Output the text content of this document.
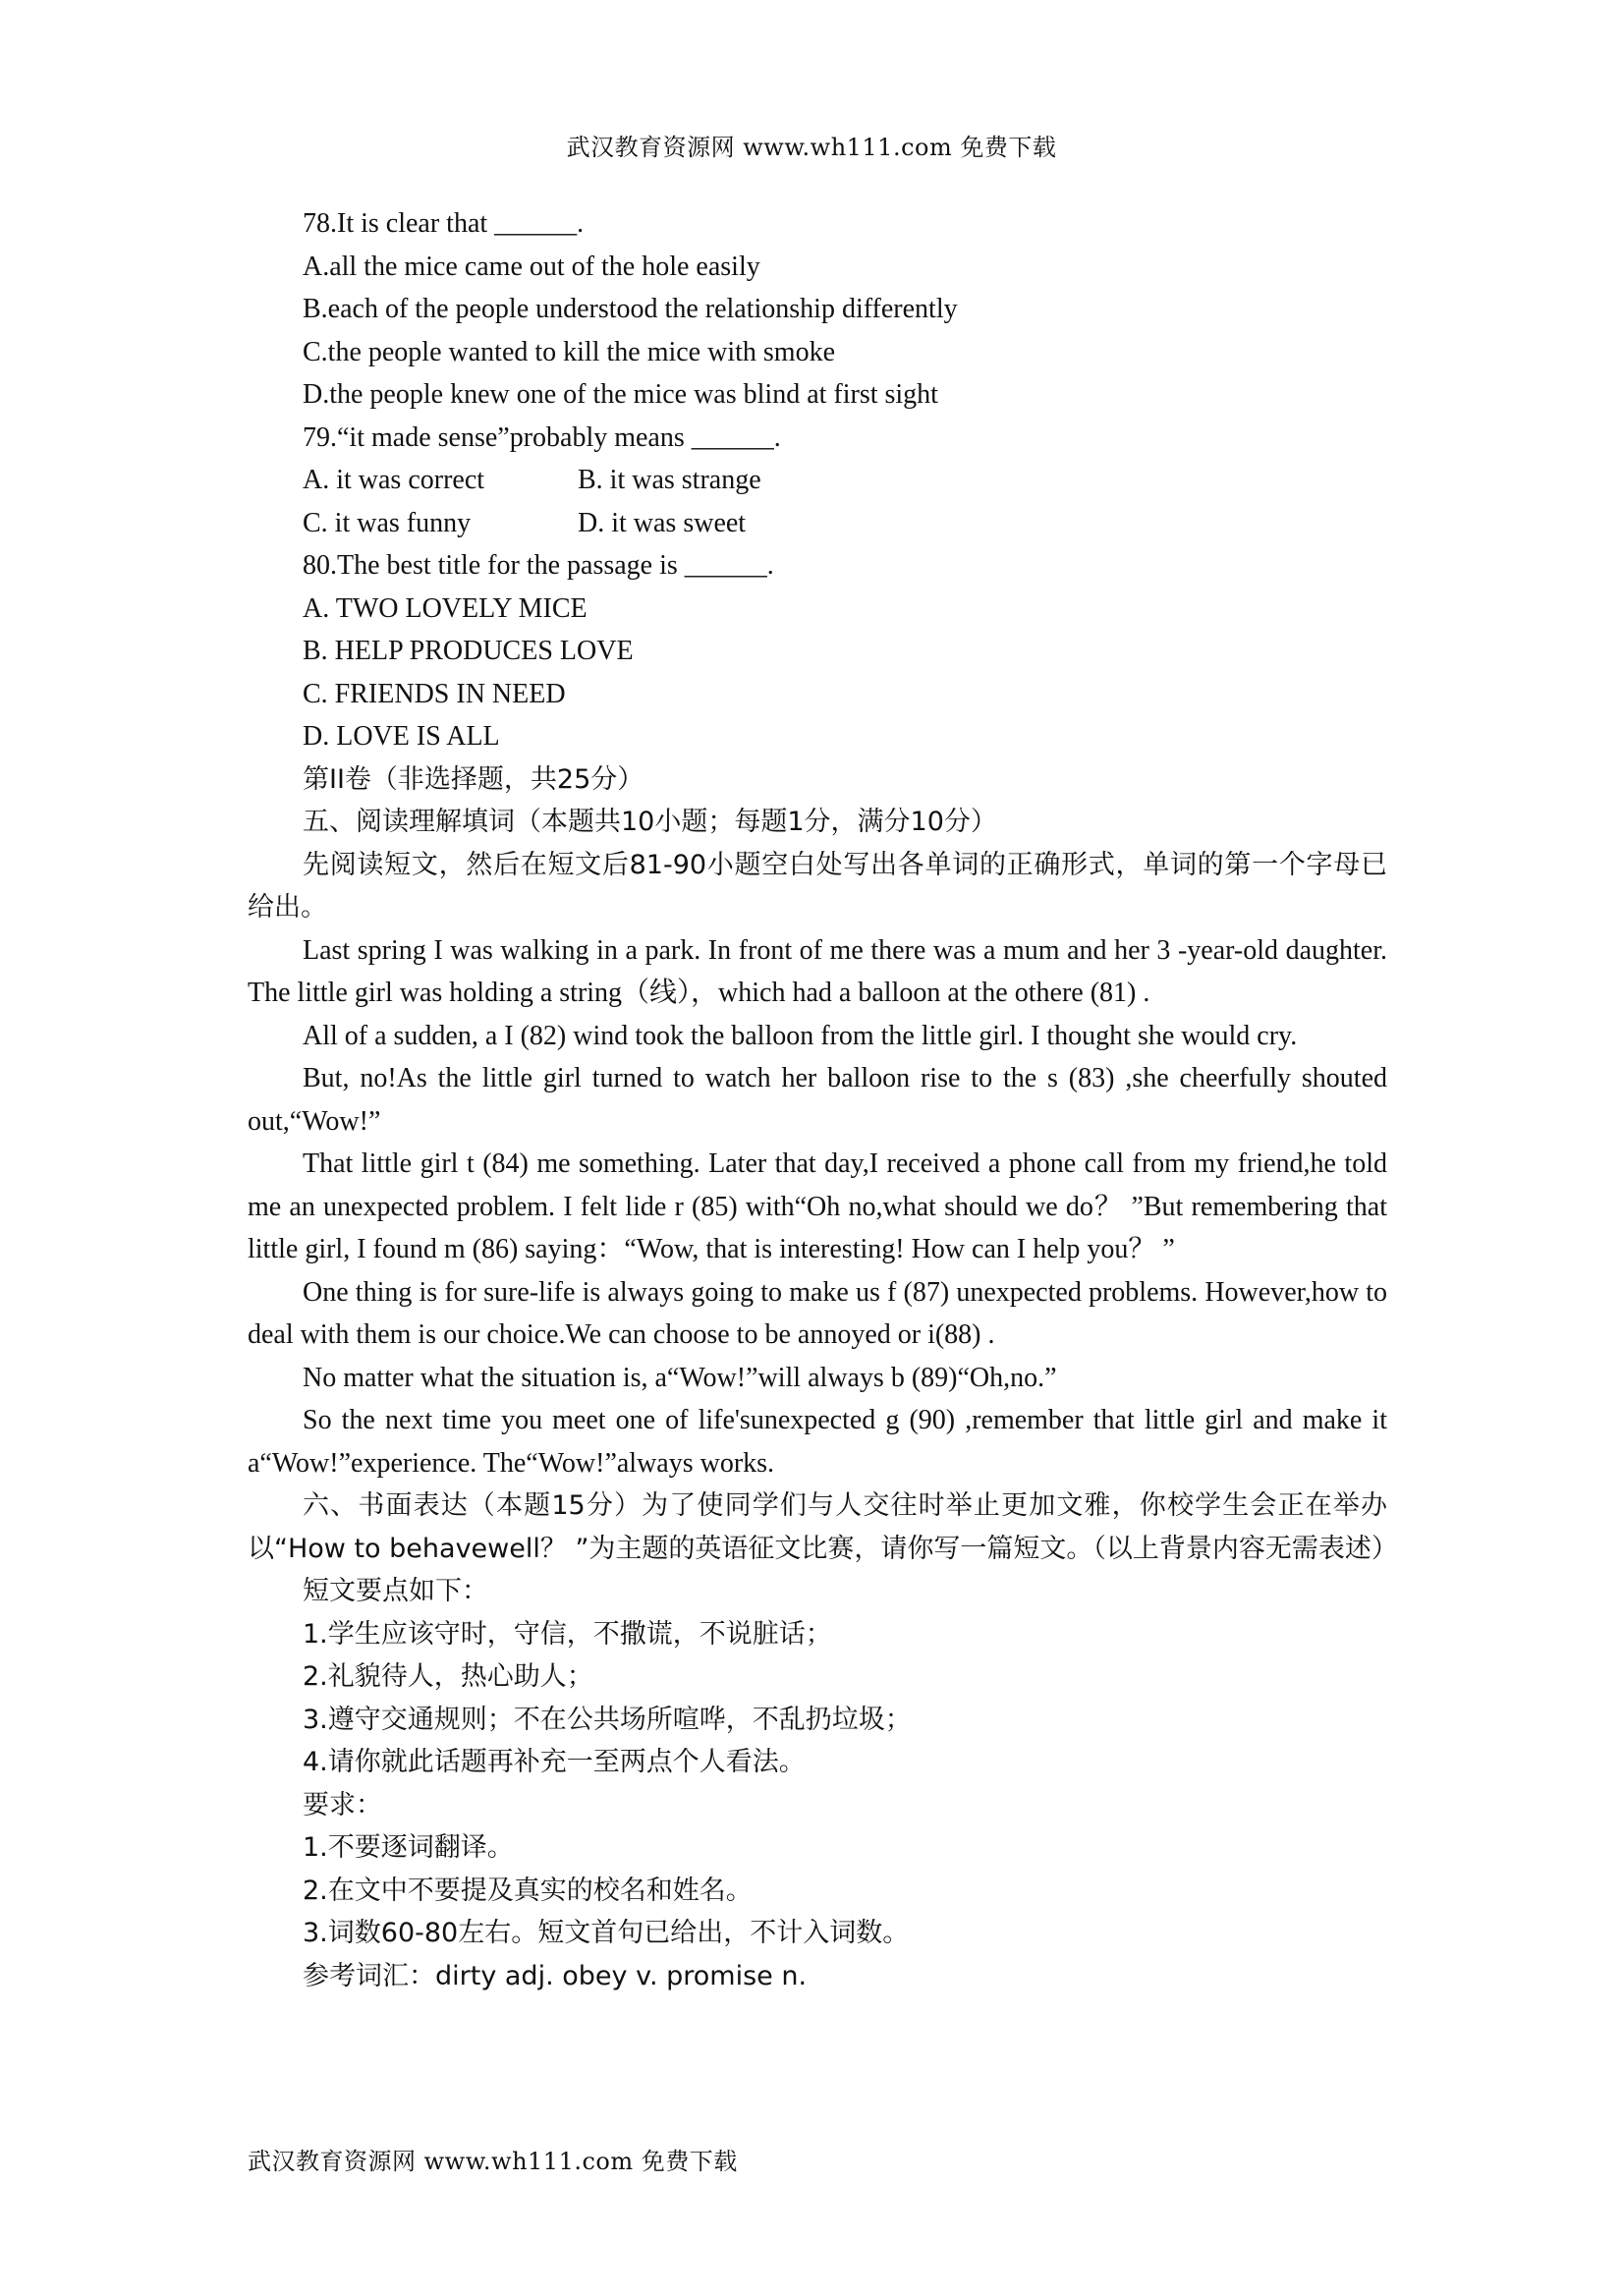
武汉教育资源网 www.wh111.com 免费下载

78.It is clear that ______.

A.all the mice came out of the hole easily

B.each of the people understood the relationship differently

C.the people wanted to kill the mice with smoke

D.the people knew one of the mice was blind at first sight

79.“it made sense”probably means ______.

A. it was correct	B. it was strange
C. it was funny	D. it was sweet

80.The best title for the passage is ______.

A. TWO LOVELY MICE

B. HELP PRODUCES LOVE

C. FRIENDS IN NEED

D. LOVE IS ALL

第II卷（非选择题，共25分）

五、阅读理解填词（本题共10小题；每题1分，满分10分）

先阅读短文，然后在短文后81-90小题空白处写出各单词的正确形式，单词的第一个字母已给出。

Last spring I was walking in a park. In front of me there was a mum and her 3 -year-old daughter. The little girl was holding a string（线），which had a balloon at the othere (81) .

All of a sudden, a I (82) wind took the balloon from the little girl. I thought she would cry.

But, no!As the little girl turned to watch her balloon rise to the s (83) ,she cheerfully shouted out,“Wow!”

That little girl t (84) me something. Later that day,I received a phone call from my friend,he told me an unexpected problem. I felt lide r (85) with“Oh no,what should we do？ ”But remembering that little girl, I found m (86) saying：“Wow, that is interesting! How can I help you？ ”

One thing is for sure-life is always going to make us f (87) unexpected problems. However,how to deal with them is our choice.We can choose to be annoyed or i(88) .

No matter what the situation is, a“Wow!”will always b (89)“Oh,no.”

So the next time you meet one of life'sunexpected g (90) ,remember that little girl and make it a“Wow!”experience. The“Wow!”always works.

六、书面表达（本题15分）为了使同学们与人交往时举止更加文雅，你校学生会正在举办以“How to behavewell？ ”为主题的英语征文比赛，请你写一篇短文。（以上背景内容无需表述）

短文要点如下：

1.学生应该守时，守信，不撒谎，不说脏话；

2.礼貌待人，热心助人；

3.遵守交通规则；不在公共场所喧哗，不乱扔垃圾；

4.请你就此话题再补充一至两点个人看法。

要求：

1.不要逐词翻译。

2.在文中不要提及真实的校名和姓名。

3.词数60-80左右。短文首句已给出，不计入词数。

参考词汇：dirty adj. obey v. promise n.

武汉教育资源网 www.wh111.com 免费下载
